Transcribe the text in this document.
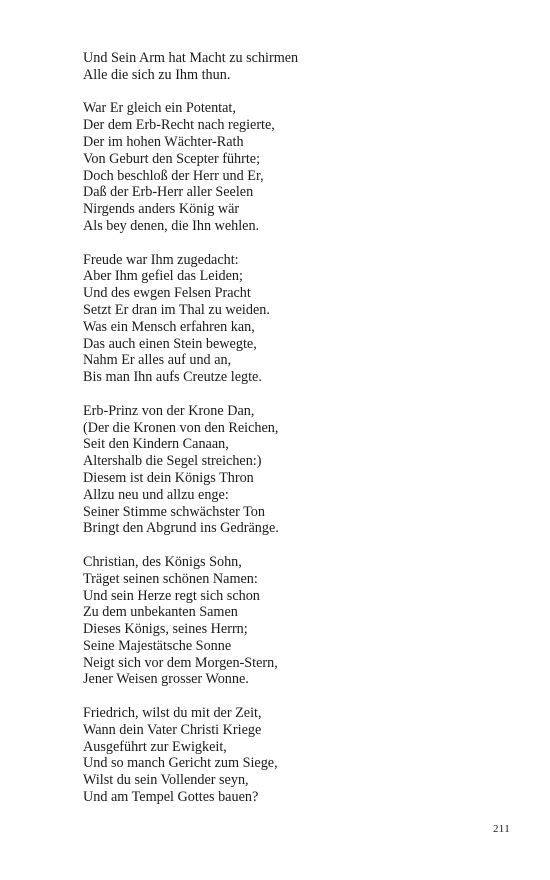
Und Sein Arm hat Macht zu schirmen
Alle die sich zu Ihm thun.
War Er gleich ein Potentat,
Der dem Erb-Recht nach regierte,
Der im hohen Wächter-Rath
Von Geburt den Scepter führte;
Doch beschloß der Herr und Er,
Daß der Erb-Herr aller Seelen
Nirgends anders König wär
Als bey denen, die Ihn wehlen.
Freude war Ihm zugedacht:
Aber Ihm gefiel das Leiden;
Und des ewgen Felsen Pracht
Setzt Er dran im Thal zu weiden.
Was ein Mensch erfahren kan,
Das auch einen Stein bewegte,
Nahm Er alles auf und an,
Bis man Ihn aufs Creutze legte.
Erb-Prinz von der Krone Dan,
(Der die Kronen von den Reichen,
Seit den Kindern Canaan,
Altershalb die Segel streichen:)
Diesem ist dein Königs Thron
Allzu neu und allzu enge:
Seiner Stimme schwächster Ton
Bringt den Abgrund ins Gedränge.
Christian, des Königs Sohn,
Träget seinen schönen Namen:
Und sein Herze regt sich schon
Zu dem unbekanten Samen
Dieses Königs, seines Herrn;
Seine Majestätsche Sonne
Neigt sich vor dem Morgen-Stern,
Jener Weisen grosser Wonne.
Friedrich, wilst du mit der Zeit,
Wann dein Vater Christi Kriege
Ausgeführt zur Ewigkeit,
Und so manch Gericht zum Siege,
Wilst du sein Vollender seyn,
Und am Tempel Gottes bauen?
211
